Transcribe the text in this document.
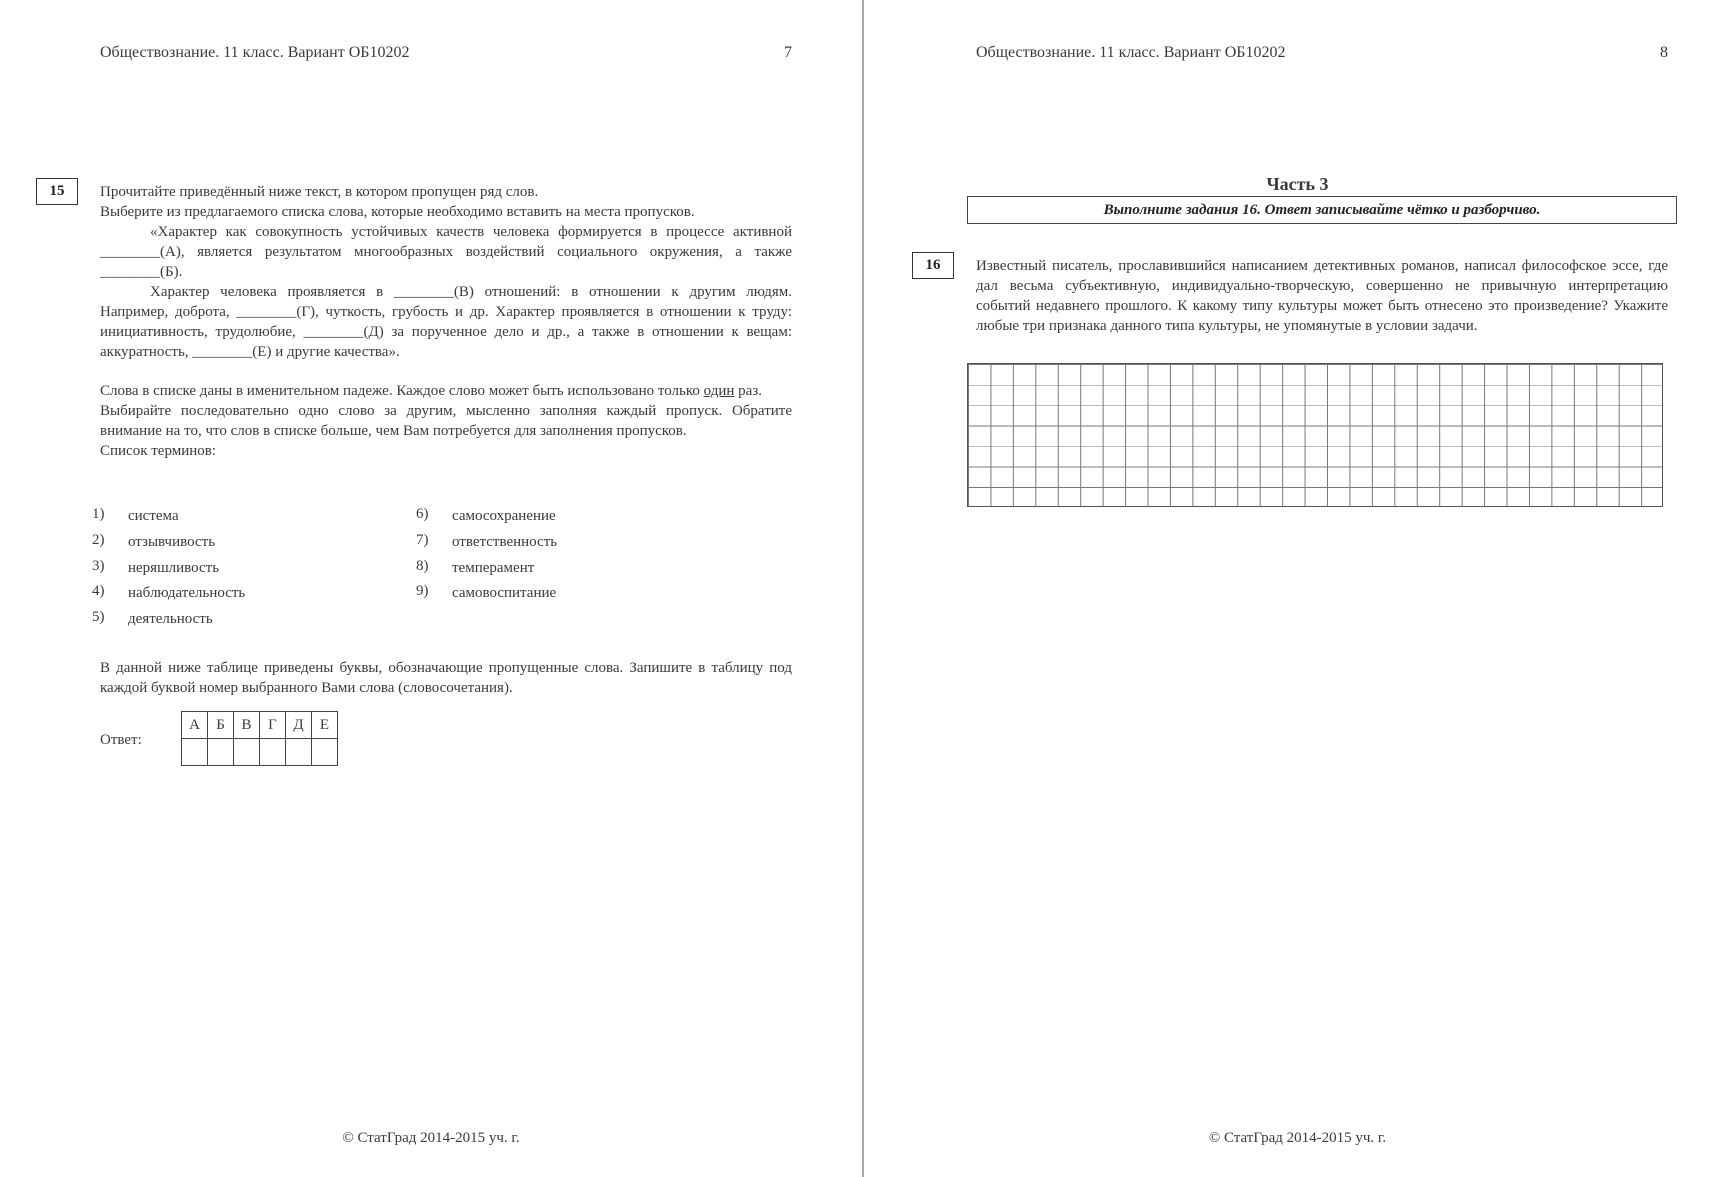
Обществознание. 11 класс. Вариант ОБ10202	7
15	Прочитайте приведённый ниже текст, в котором пропущен ряд слов.

Выберите из предлагаемого списка слова, которые необходимо вставить на места пропусков.

«Характер как совокупность устойчивых качеств человека формируется в процессе активной ________(А), является результатом многообразных воздействий социального окружения, а также ________(Б).

Характер человека проявляется в ________(В) отношений: в отношении к другим людям. Например, доброта, ________(Г), чуткость, грубость и др. Характер проявляется в отношении к труду: инициативность, трудолюбие, ________(Д) за порученное дело и др., а также в отношении к вещам: аккуратность, ________(Е) и другие качества».

Слова в списке даны в именительном падеже. Каждое слово может быть использовано только один раз.

Выбирайте последовательно одно слово за другим, мысленно заполняя каждый пропуск. Обратите внимание на то, что слов в списке больше, чем Вам потребуется для заполнения пропусков.

Список терминов:

1) система
2) отзывчивость
3) неряшливость
4) наблюдательность
5) деятельность
6) самосохранение
7) ответственность
8) темперамент
9) самовоспитание
В данной ниже таблице приведены буквы, обозначающие пропущенные слова. Запишите в таблицу под каждой буквой номер выбранного Вами слова (словосочетания).
Ответ:
А	Б	В	Г	Д	Е

© СтатГрад 2014-2015 уч. г.
Обществознание. 11 класс. Вариант ОБ10202	8
Часть 3
Выполните задания 16. Ответ записывайте чётко и разборчиво.
16	Известный писатель, прославившийся написанием детективных романов, написал философское эссе, где дал весьма субъективную, индивидуально-творческую, совершенно не привычную интерпретацию событий недавнего прошлого. К какому типу культуры может быть отнесено это произведение? Укажите любые три признака данного типа культуры, не упомянутые в условии задачи.
© СтатГрад 2014-2015 уч. г.
